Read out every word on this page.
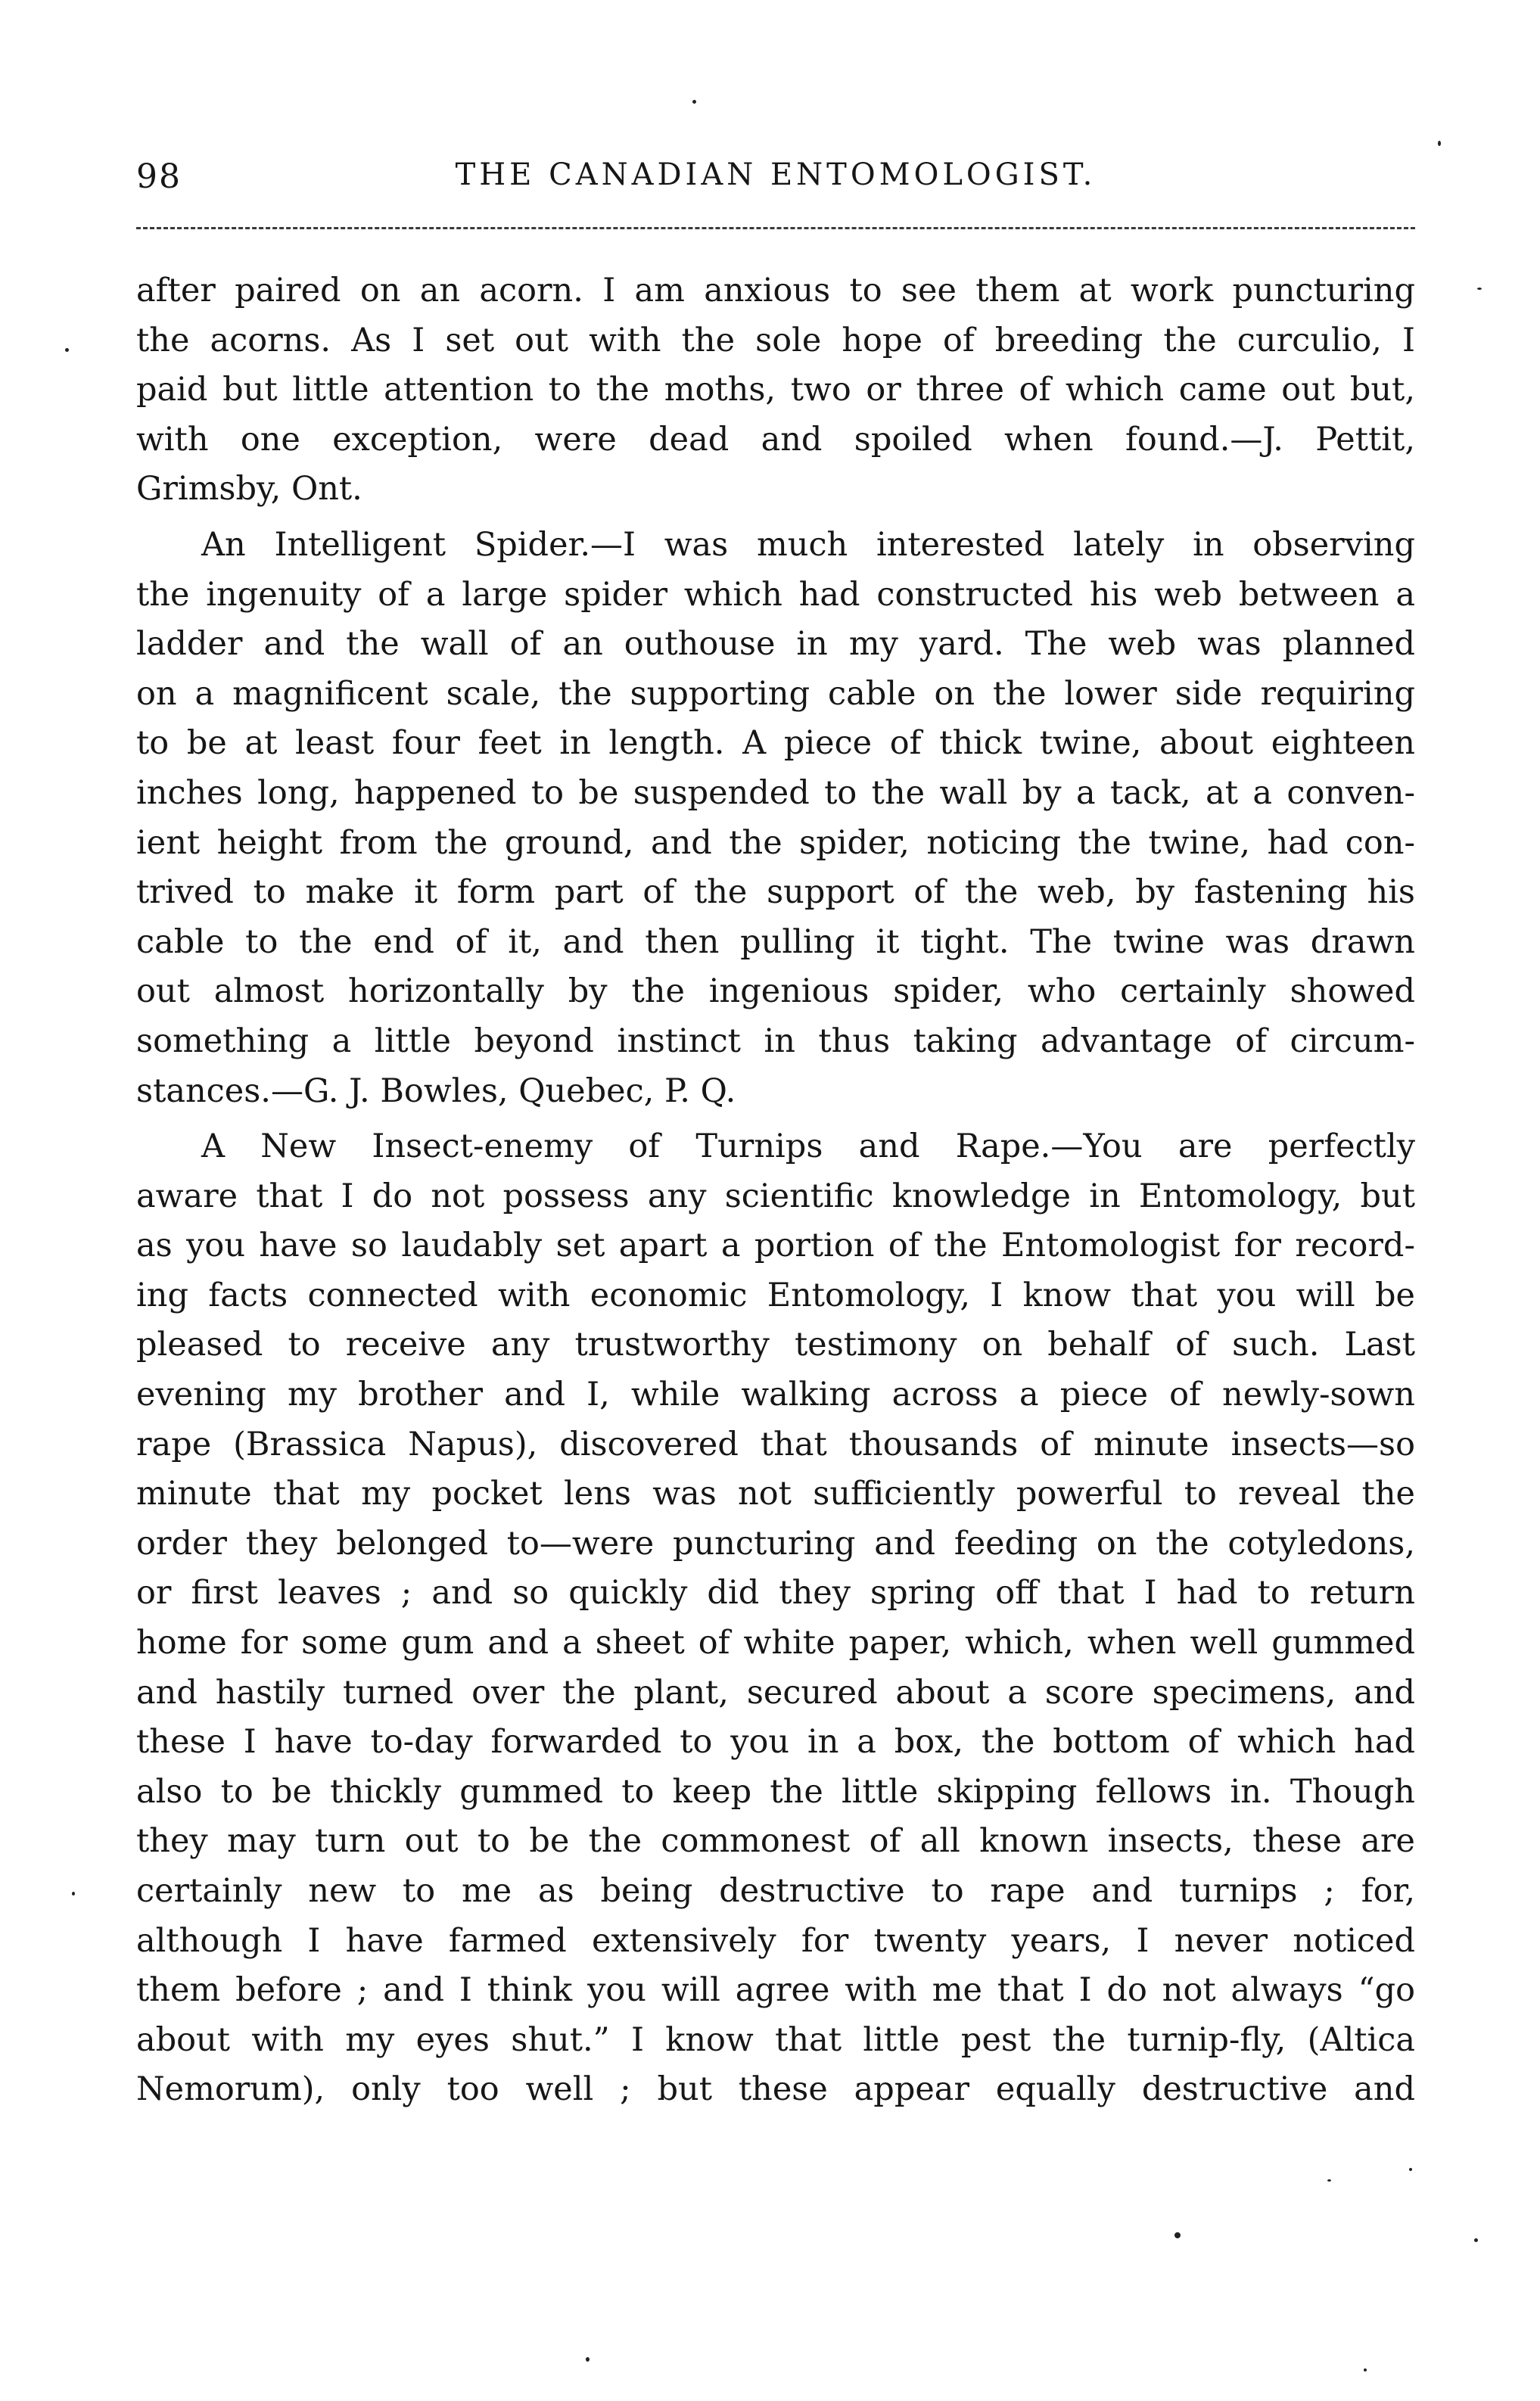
98	THE CANADIAN ENTOMOLOGIST.
after paired on an acorn. I am anxious to see them at work puncturing
the acorns. As I set out with the sole hope of breeding the curculio, I
paid but little attention to the moths, two or three of which came out but,
with one exception, were dead and spoiled when found.—J. Pettit,
Grimsby, Ont.
An Intelligent Spider.—I was much interested lately in observing
the ingenuity of a large spider which had constructed his web between a
ladder and the wall of an outhouse in my yard. The web was planned
on a magnificent scale, the supporting cable on the lower side requiring
to be at least four feet in length. A piece of thick twine, about eighteen
inches long, happened to be suspended to the wall by a tack, at a conven-
ient height from the ground, and the spider, noticing the twine, had con-
trived to make it form part of the support of the web, by fastening his
cable to the end of it, and then pulling it tight. The twine was drawn
out almost horizontally by the ingenious spider, who certainly showed
something a little beyond instinct in thus taking advantage of circum-
stances.—G. J. Bowles, Quebec, P. Q.
A New Insect-enemy of Turnips and Rape.—You are perfectly
aware that I do not possess any scientific knowledge in Entomology, but
as you have so laudably set apart a portion of the Entomologist for record-
ing facts connected with economic Entomology, I know that you will be
pleased to receive any trustworthy testimony on behalf of such. Last
evening my brother and I, while walking across a piece of newly-sown
rape (Brassica Napus), discovered that thousands of minute insects—so
minute that my pocket lens was not sufficiently powerful to reveal the
order they belonged to—were puncturing and feeding on the cotyledons,
or first leaves ; and so quickly did they spring off that I had to return
home for some gum and a sheet of white paper, which, when well gummed
and hastily turned over the plant, secured about a score specimens, and
these I have to-day forwarded to you in a box, the bottom of which had
also to be thickly gummed to keep the little skipping fellows in. Though
they may turn out to be the commonest of all known insects, these are
certainly new to me as being destructive to rape and turnips ; for,
although I have farmed extensively for twenty years, I never noticed
them before ; and I think you will agree with me that I do not always “go
about with my eyes shut.” I know that little pest the turnip-fly, (Altica
Nemorum), only too well ; but these appear equally destructive and
